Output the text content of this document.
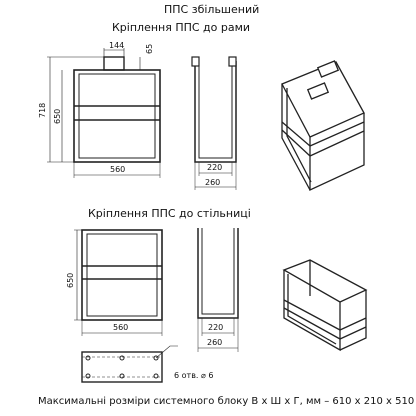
ППС збільшений
Кріплення ППС до рами
144	65
718 650
560	220
260
Кріплення ППС до стільниці
650
560	220
260
6 отв. ⌀ 6
Максимальні розміри системного блоку В х Ш х Г, мм – 610 х 210 х 510
